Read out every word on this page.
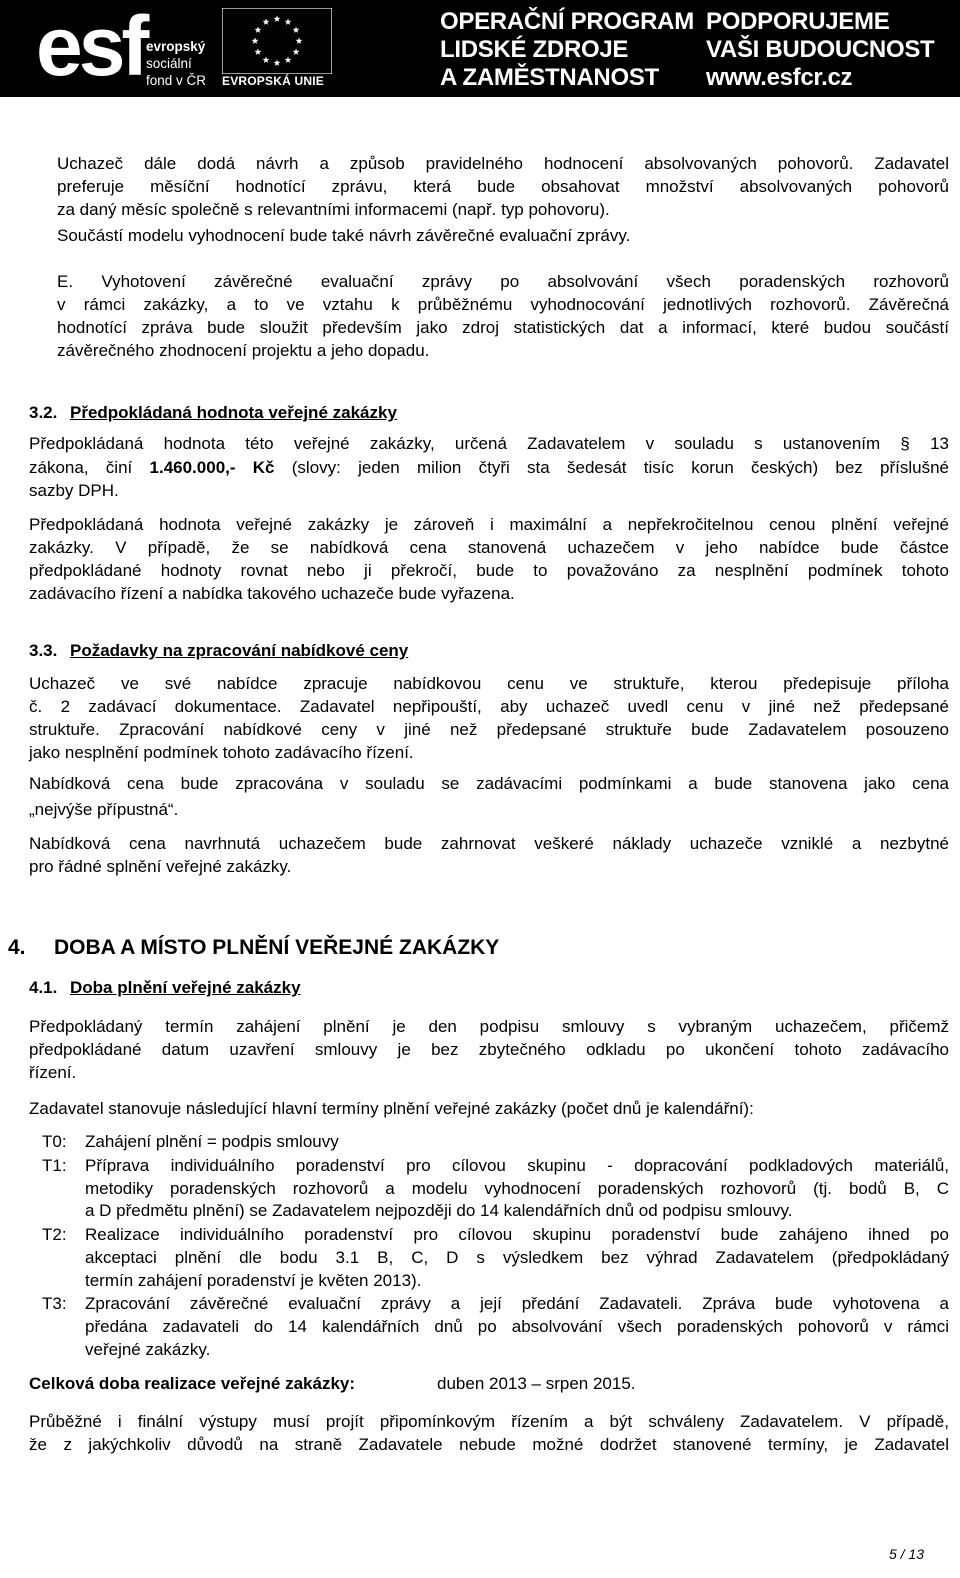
esf evropský
sociální
fond v ČR EVROPSKÁ UNIE
OPERAČNÍ PROGRAM
LIDSKÉ ZDROJE
A ZAMĚSTNANOST
PODPORUJEME
VAŠI BUDOUCNOST
www.esfcr.cz
Uchazeč dále dodá návrh a způsob pravidelného hodnocení absolvovaných pohovorů. Zadavatel
preferuje měsíční hodnotící zprávu, která bude obsahovat množství absolvovaných pohovorů
za daný měsíc společně s relevantními informacemi (např. typ pohovoru).
Součástí modelu vyhodnocení bude také návrh závěrečné evaluační zprávy.
E. Vyhotovení závěrečné evaluační zprávy po absolvování všech poradenských rozhovorů
v rámci zakázky, a to ve vztahu k průběžnému vyhodnocování jednotlivých rozhovorů. Závěrečná
hodnotící zpráva bude sloužit především jako zdroj statistických dat a informací, které budou součástí
závěrečného zhodnocení projektu a jeho dopadu.
3.2. Předpokládaná hodnota veřejné zakázky
Předpokládaná hodnota této veřejné zakázky, určená Zadavatelem v souladu s ustanovením § 13
zákona, činí 1.460.000,- Kč (slovy: jeden milion čtyři sta šedesát tisíc korun českých) bez příslušné
sazby DPH.
Předpokládaná hodnota veřejné zakázky je zároveň i maximální a nepřekročitelnou cenou plnění veřejné
zakázky. V případě, že se nabídková cena stanovená uchazečem v jeho nabídce bude částce
předpokládané hodnoty rovnat nebo ji překročí, bude to považováno za nesplnění podmínek tohoto
zadávacího řízení a nabídka takového uchazeče bude vyřazena.
3.3. Požadavky na zpracování nabídkové ceny
Uchazeč ve své nabídce zpracuje nabídkovou cenu ve struktuře, kterou předepisuje příloha
č. 2 zadávací dokumentace. Zadavatel nepřipouští, aby uchazeč uvedl cenu v jiné než předepsané
struktuře. Zpracování nabídkové ceny v jiné než předepsané struktuře bude Zadavatelem posouzeno
jako nesplnění podmínek tohoto zadávacího řízení.
Nabídková cena bude zpracována v souladu se zadávacími podmínkami a bude stanovena jako cena
„nejvýše přípustná“.
Nabídková cena navrhnutá uchazečem bude zahrnovat veškeré náklady uchazeče vzniklé a nezbytné
pro řádné splnění veřejné zakázky.
4. DOBA A MÍSTO PLNĚNÍ VEŘEJNÉ ZAKÁZKY
4.1. Doba plnění veřejné zakázky
Předpokládaný termín zahájení plnění je den podpisu smlouvy s vybraným uchazečem, přičemž
předpokládané datum uzavření smlouvy je bez zbytečného odkladu po ukončení tohoto zadávacího
řízení.
Zadavatel stanovuje následující hlavní termíny plnění veřejné zakázky (počet dnů je kalendářní):
T0: Zahájení plnění = podpis smlouvy
T1: Příprava individuálního poradenství pro cílovou skupinu - dopracování podkladových materiálů,
metodiky poradenských rozhovorů a modelu vyhodnocení poradenských rozhovorů (tj. bodů B, C
a D předmětu plnění) se Zadavatelem nejpozději do 14 kalendářních dnů od podpisu smlouvy.
T2: Realizace individuálního poradenství pro cílovou skupinu poradenství bude zahájeno ihned po
akceptaci plnění dle bodu 3.1 B, C, D s výsledkem bez výhrad Zadavatelem (předpokládaný
termín zahájení poradenství je květen 2013).
T3: Zpracování závěrečné evaluační zprávy a její předání Zadavateli. Zpráva bude vyhotovena a
předána zadavateli do 14 kalendářních dnů po absolvování všech poradenských pohovorů v rámci
veřejné zakázky.
Celková doba realizace veřejné zakázky:	duben 2013 – srpen 2015.
Průběžné i finální výstupy musí projít připomínkovým řízením a být schváleny Zadavatelem. V případě,
že z jakýchkoliv důvodů na straně Zadavatele nebude možné dodržet stanovené termíny, je Zadavatel
5 / 13
